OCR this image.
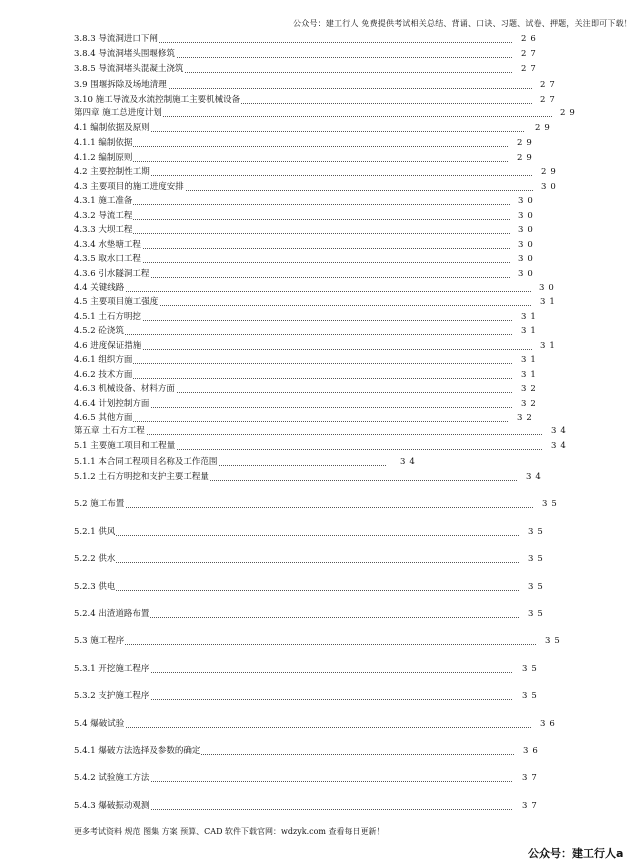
公众号：建工行人 免费提供考试相关总结、背诵、口诀、习题、试卷、押题，关注即可下载！
3.8.3 导流洞进口下闸	26
3.8.4 导流洞堵头围堰修筑	27
3.8.5 导流洞堵头混凝土浇筑	27
3.9 围堰拆除及场地清理	27
3.10 施工导流及水流控制施工主要机械设备	27
第四章 施工总进度计划	29
4.1 编制依据及原则	29
4.1.1 编制依据	29
4.1.2 编制原则	29
4.2 主要控制性工期	29
4.3 主要项目的施工进度安排	30
4.3.1 施工准备	30
4.3.2 导流工程	30
4.3.3 大坝工程	30
4.3.4 水垫塘工程	30
4.3.5 取水口工程	30
4.3.6 引水隧洞工程	30
4.4 关键线路	30
4.5 主要项目施工强度	31
4.5.1 土石方明挖	31
4.5.2 砼浇筑	31
4.6 进度保证措施	31
4.6.1 组织方面	31
4.6.2 技术方面	31
4.6.3 机械设备、材料方面	32
4.6.4 计划控制方面	32
4.6.5 其他方面	32
第五章 土石方工程	34
5.1 主要施工项目和工程量	34
5.1.1 本合同工程项目名称及工作范围	34
5.1.2 土石方明挖和支护主要工程量	34
5.2 施工布置	35
5.2.1 供风	35
5.2.2 供水	35
5.2.3 供电	35
5.2.4 出渣道路布置	35
5.3 施工程序	35
5.3.1 开挖施工程序	35
5.3.2 支护施工程序	35
5.4 爆破试验	36
5.4.1 爆破方法选择及参数的确定	36
5.4.2 试验施工方法	37
5.4.3 爆破振动观测	37
更多考试资料 规范 图集 方案 预算、CAD 软件下载官网：wdzyk.com 查看每日更新！
公众号：建工行人a
